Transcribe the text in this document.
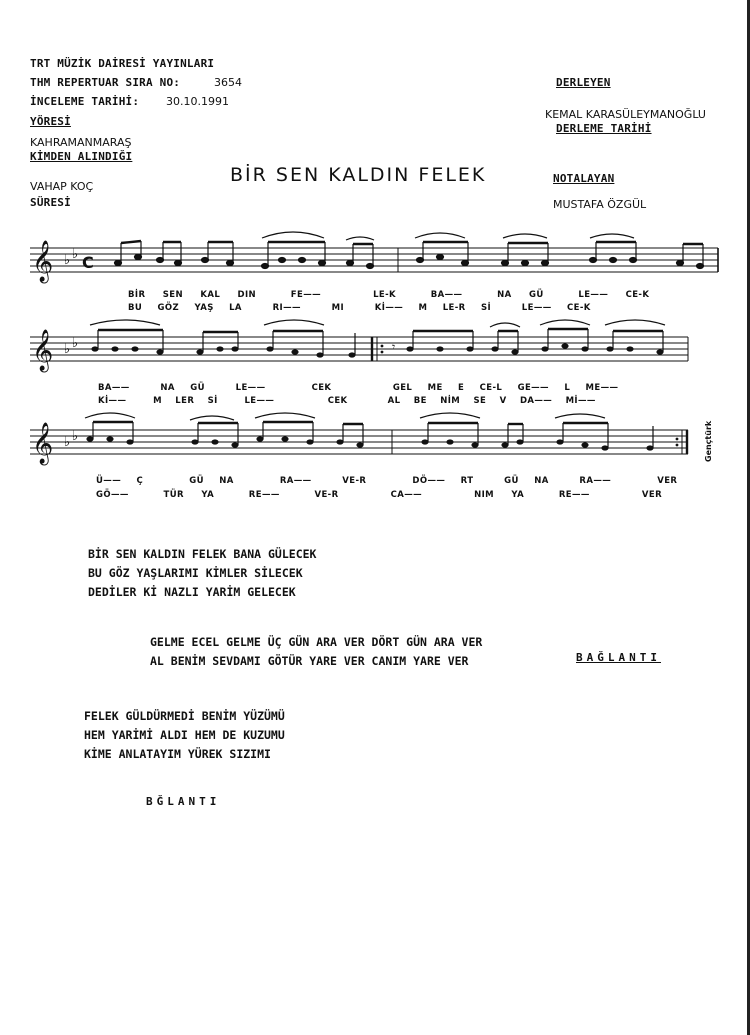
TRT MÜZİK DAİRESİ YAYINLARI
THM REPERTUAR SIRA NO:	3654
İNCELEME TARİHİ: 30.10.1991
YÖRESİ
KAHRAMANMARAŞ
KİMDEN ALINDIĞI
VAHAP KOÇ
SÜRESİ
DERLEYEN
KEMAL KARASÜLEYMANOĞLU
DERLEME TARİHİ
NOTALAYAN
MUSTAFA ÖZGÜL
BİR SEN KALDIN FELEK
𝄞 ♭ ♭ C
BİR SEN KAL DIN	FE——	LE-K	BA——	NA GÜ	LE—— CE-K
BU GÖZ YAŞ LA	RI——	MI	Kİ—— M LE-R Sİ	LE—— CE-K
𝄞 ♭ ♭	𝄾
BA——	NA GÜ	LE——	CEK	GEL ME E CE-L GE—— L ME——
Kİ——	M LER Sİ	LE——	CEK	AL BE NİM SE V DA—— Mİ——
𝄞 ♭ ♭	Gençtürk
Ü—— Ç	GÜ NA	RA——	VE-R	DÖ—— RT	GÜ NA	RA——	VER
GÖ——	TÜR YA	RE——	VE-R	CA——	NIM YA	RE——	VER
BİR SEN KALDIN FELEK BANA GÜLECEK
BU GÖZ YAŞLARIMI KİMLER SİLECEK
DEDİLER Kİ NAZLI YARİM GELECEK
GELME ECEL GELME ÜÇ GÜN ARA VER DÖRT GÜN ARA VER
AL BENİM SEVDAMI GÖTÜR YARE VER CANIM YARE VER	BAĞLANTI
FELEK GÜLDÜRMEDİ BENİM YÜZÜMÜ
HEM YARİMİ ALDI HEM DE KUZUMU
KİME ANLATAYIM YÜREK SIZIMI
BĞLANTI
